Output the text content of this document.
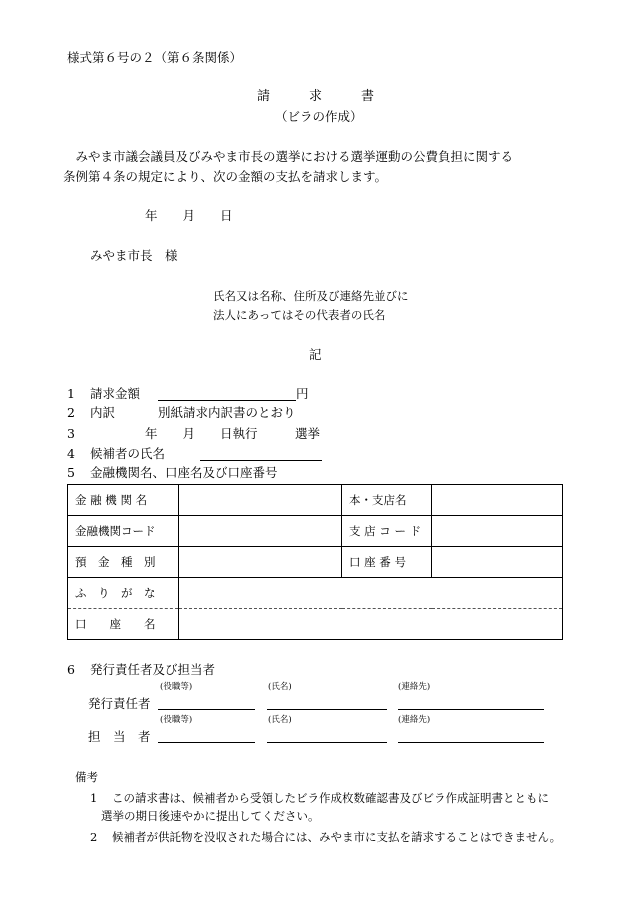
様式第６号の２（第６条関係）
請　　　求　　　書
（ビラの作成）
　みやま市議会議員及びみやま市長の選挙における選挙運動の公費負担に関する
条例第４条の規定により、次の金額の支払を請求します。
年　　月　　日
みやま市長　様
氏名又は名称、住所及び連絡先並びに
法人にあってはその代表者の氏名
記
1 請求金額	円
2 内訳	別紙請求内訳書のとおり
3	年　　月　　日執行　　　選挙
4 候補者の氏名
5 金融機関名、口座名及び口座番号
金 融 機 関 名		本・支店名	
金融機関コード		支 店 コ ー ド	
預　金　種　別		口 座 番 号	
ふ　り　が　な			
口　　座　　名			
6 発行責任者及び担当者
(役職等)	(氏名)	(連絡先)
発行責任者
(役職等)	(氏名)	(連絡先)
担　当　者
備考
1 この請求書は、候補者から受領したビラ作成枚数確認書及びビラ作成証明書とともに
選挙の期日後速やかに提出してください。
2 候補者が供託物を没収された場合には、みやま市に支払を請求することはできません。
